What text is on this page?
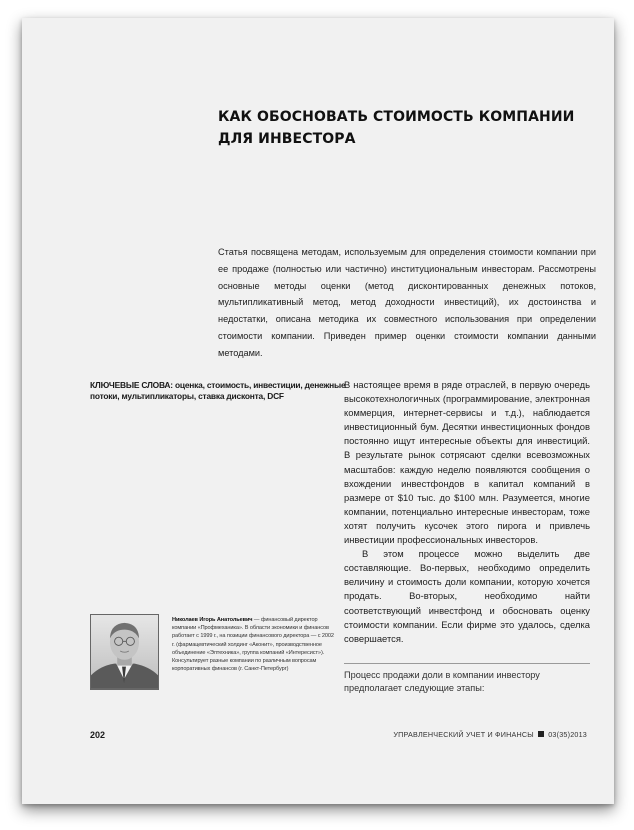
КАК ОБОСНОВАТЬ СТОИМОСТЬ КОМПАНИИ ДЛЯ ИНВЕСТОРА

Статья посвящена методам, используемым для определения стоимости компании при ее продаже (полностью или частично) институциональным инвесторам. Рассмотрены основные методы оценки (метод дисконтированных денежных потоков, мультипликативный метод, метод доходности инвестиций), их достоинства и недостатки, описана методика их совместного использования при определении стоимости компании. Приведен пример оценки стоимости компании данными методами.

КЛЮЧЕВЫЕ СЛОВА: оценка, стоимость, инвестиции, денежные потоки, мультипликаторы, ставка дисконта, DCF

В настоящее время в ряде отраслей, в первую очередь высокотехнологичных (программирование, электронная коммерция, интернет-сервисы и т.д.), наблюдается инвестиционный бум. Десятки инвестиционных фондов постоянно ищут интересные объекты для инвестиций. В результате рынок сотрясают сделки всевозможных масштабов: каждую неделю появляются сообщения о вхождении инвестфондов в капитал компаний в размере от $10 тыс. до $100 млн. Разумеется, многие компании, потенциально интересные инвесторам, тоже хотят получить кусочек этого пирога и привлечь инвестиции профессиональных инвесторов.

В этом процессе можно выделить две составляющие. Во-первых, необходимо определить величину и стоимость доли компании, которую хочется продать. Во-вторых, необходимо найти соответствующий инвестфонд и обосновать оценку стоимости компании. Если фирме это удалось, сделка совершается.

Процесс продажи доли в компании инвестору предполагает следующие этапы:

Николаев Игорь Анатольевич — финансовый директор компании «Профмеханика». В области экономики и финансов работает с 1999 г., на позиции финансового директора — с 2002 г. (фармацевтический холдинг «Аконит», производственное объединение «Элтехника», группа компаний «Интересист»). Консультирует разные компании по различным вопросам корпоративных финансов (г. Санкт-Петербург)

202	УПРАВЛЕНЧЕСКИЙ УЧЕТ И ФИНАНСЫ 03(35)2013
